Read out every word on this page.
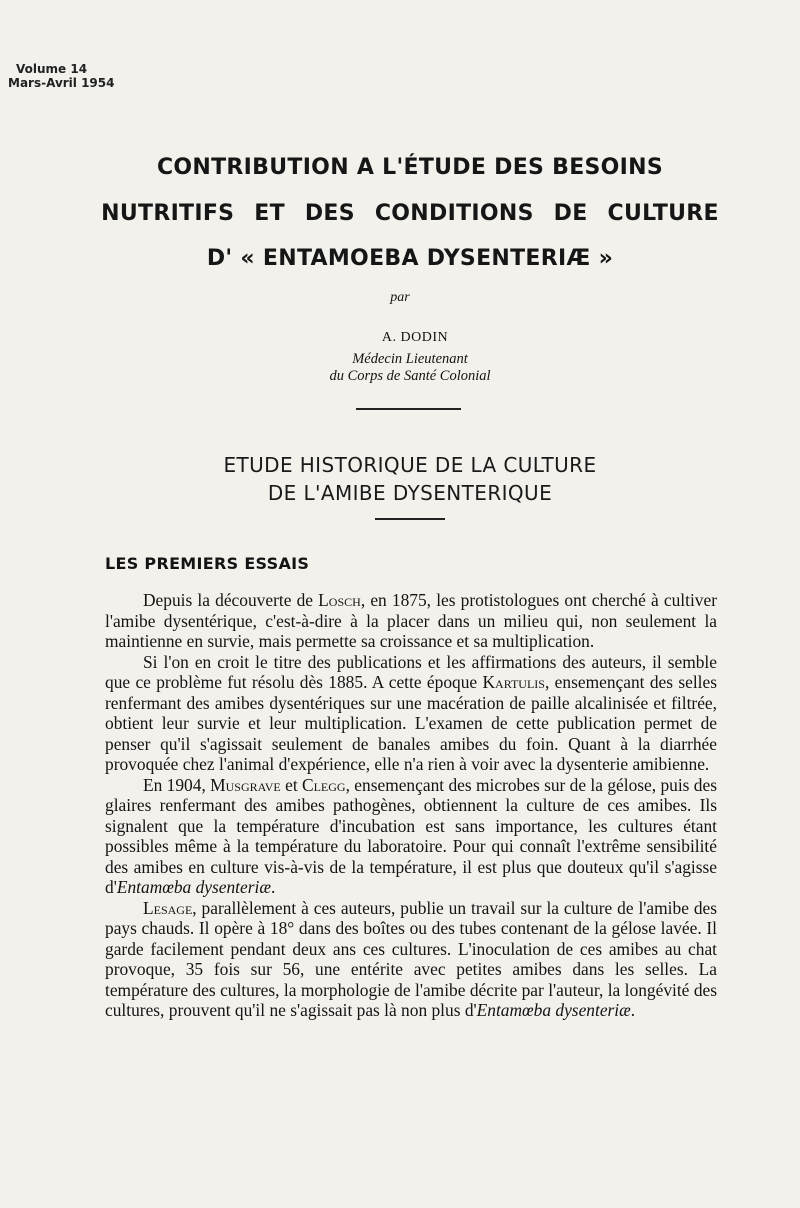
Volume 14
Mars-Avril 1954
CONTRIBUTION A L'ÉTUDE DES BESOINS
NUTRITIFS ET DES CONDITIONS DE CULTURE
D' « ENTAMOEBA DYSENTERIÆ »
par
A. DODIN
Médecin Lieutenant
du Corps de Santé Colonial
ETUDE HISTORIQUE DE LA CULTURE
DE L'AMIBE DYSENTERIQUE
LES PREMIERS ESSAIS

Depuis la découverte de Losch, en 1875, les protistologues ont cherché à cultiver l'amibe dysentérique, c'est-à-dire à la placer dans un milieu qui, non seulement la maintienne en survie, mais permette sa croissance et sa multiplication.

Si l'on en croit le titre des publications et les affirmations des auteurs, il semble que ce problème fut résolu dès 1885. A cette époque Kartulis, ensemençant des selles renfermant des amibes dysentériques sur une macération de paille alcalinisée et filtrée, obtient leur survie et leur multiplication. L'examen de cette publication permet de penser qu'il s'agissait seulement de banales amibes du foin. Quant à la diarrhée provoquée chez l'animal d'expérience, elle n'a rien à voir avec la dysenterie amibienne.

En 1904, Musgrave et Clegg, ensemençant des microbes sur de la gélose, puis des glaires renfermant des amibes pathogènes, obtiennent la culture de ces amibes. Ils signalent que la température d'incubation est sans importance, les cultures étant possibles même à la température du laboratoire. Pour qui connaît l'extrême sensibilité des amibes en culture vis-à-vis de la température, il est plus que douteux qu'il s'agisse d'Entamœba dysenteriæ.

Lesage, parallèlement à ces auteurs, publie un travail sur la culture de l'amibe des pays chauds. Il opère à 18° dans des boîtes ou des tubes contenant de la gélose lavée. Il garde facilement pendant deux ans ces cultures. L'inoculation de ces amibes au chat provoque, 35 fois sur 56, une entérite avec petites amibes dans les selles. La température des cultures, la morphologie de l'amibe décrite par l'auteur, la longévité des cultures, prouvent qu'il ne s'agissait pas là non plus d'Entamœba dysenteriæ.
